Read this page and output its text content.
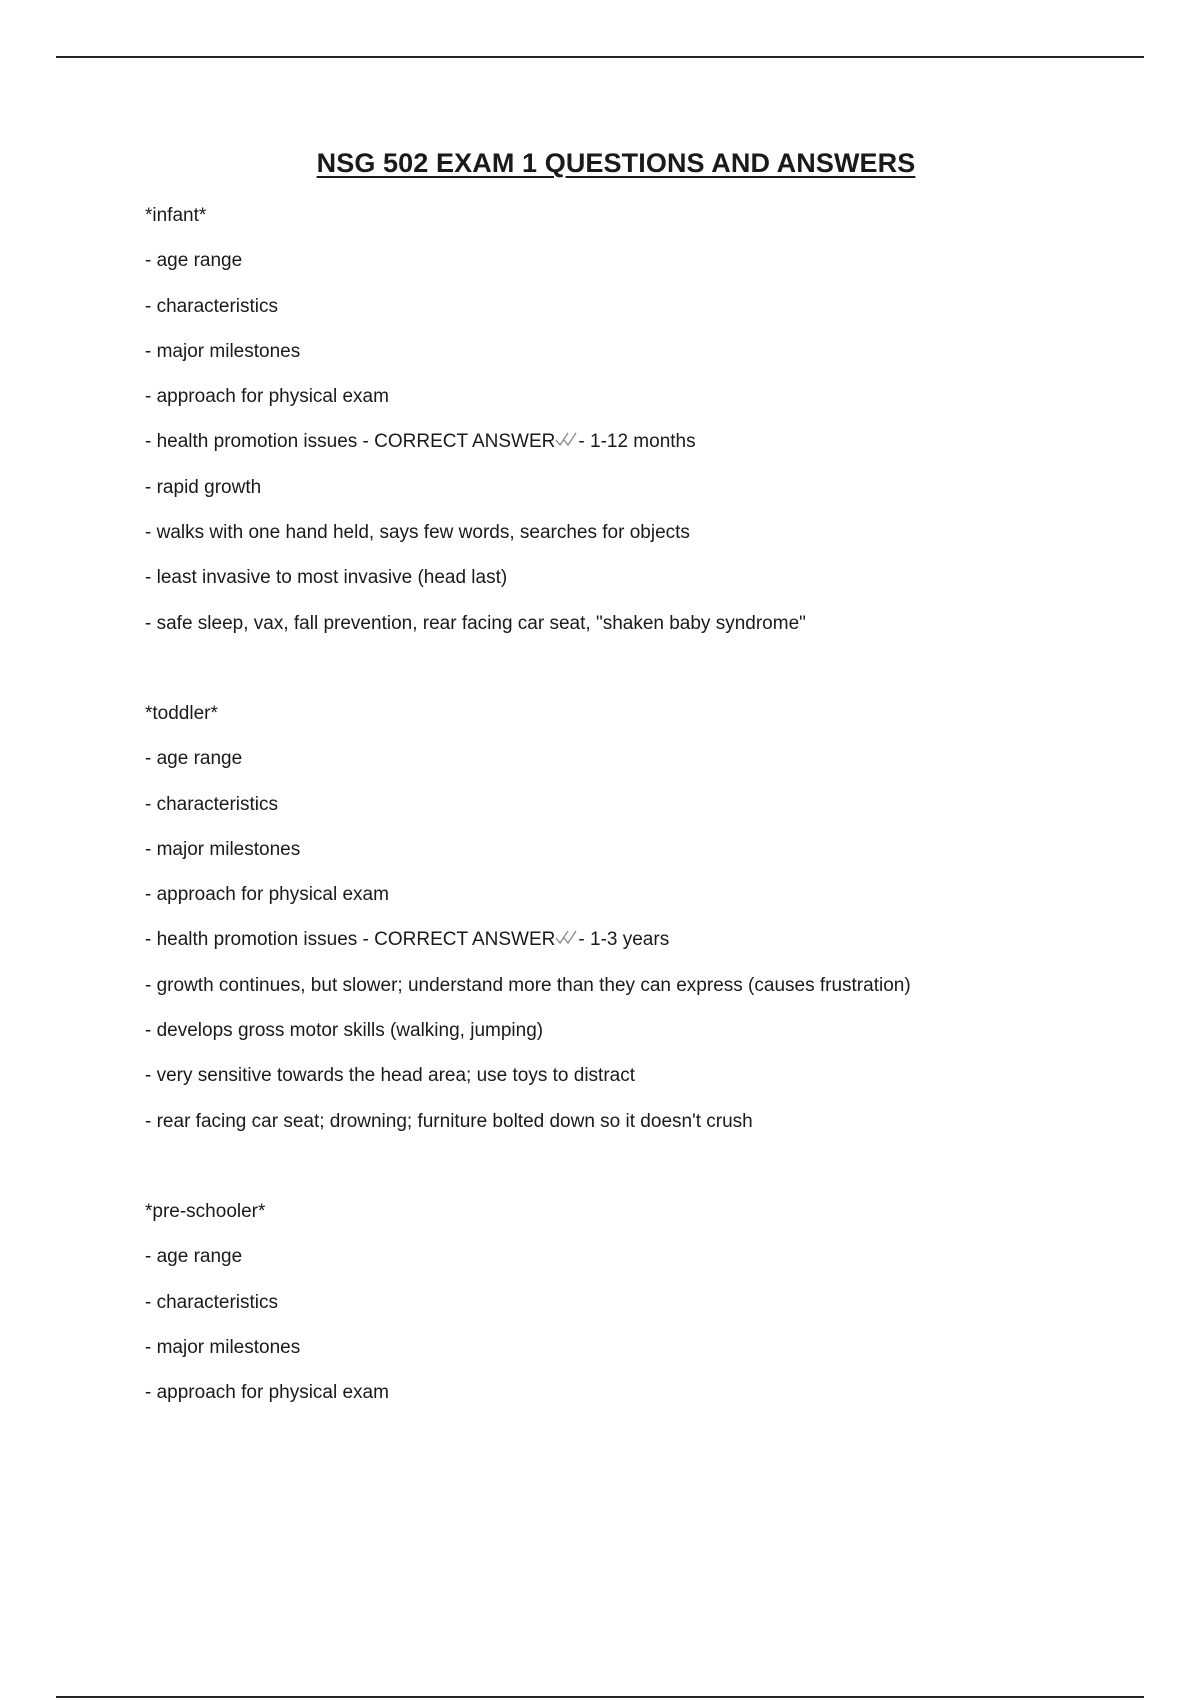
NSG 502 EXAM 1 QUESTIONS AND ANSWERS
*infant*
- age range
- characteristics
- major milestones
- approach for physical exam
- health promotion issues - CORRECT ANSWER - 1-12 months
- rapid growth
- walks with one hand held, says few words, searches for objects
- least invasive to most invasive (head last)
- safe sleep, vax, fall prevention, rear facing car seat, "shaken baby syndrome"
*toddler*
- age range
- characteristics
- major milestones
- approach for physical exam
- health promotion issues - CORRECT ANSWER - 1-3 years
- growth continues, but slower; understand more than they can express (causes frustration)
- develops gross motor skills (walking, jumping)
- very sensitive towards the head area; use toys to distract
- rear facing car seat; drowning; furniture bolted down so it doesn't crush
*pre-schooler*
- age range
- characteristics
- major milestones
- approach for physical exam
